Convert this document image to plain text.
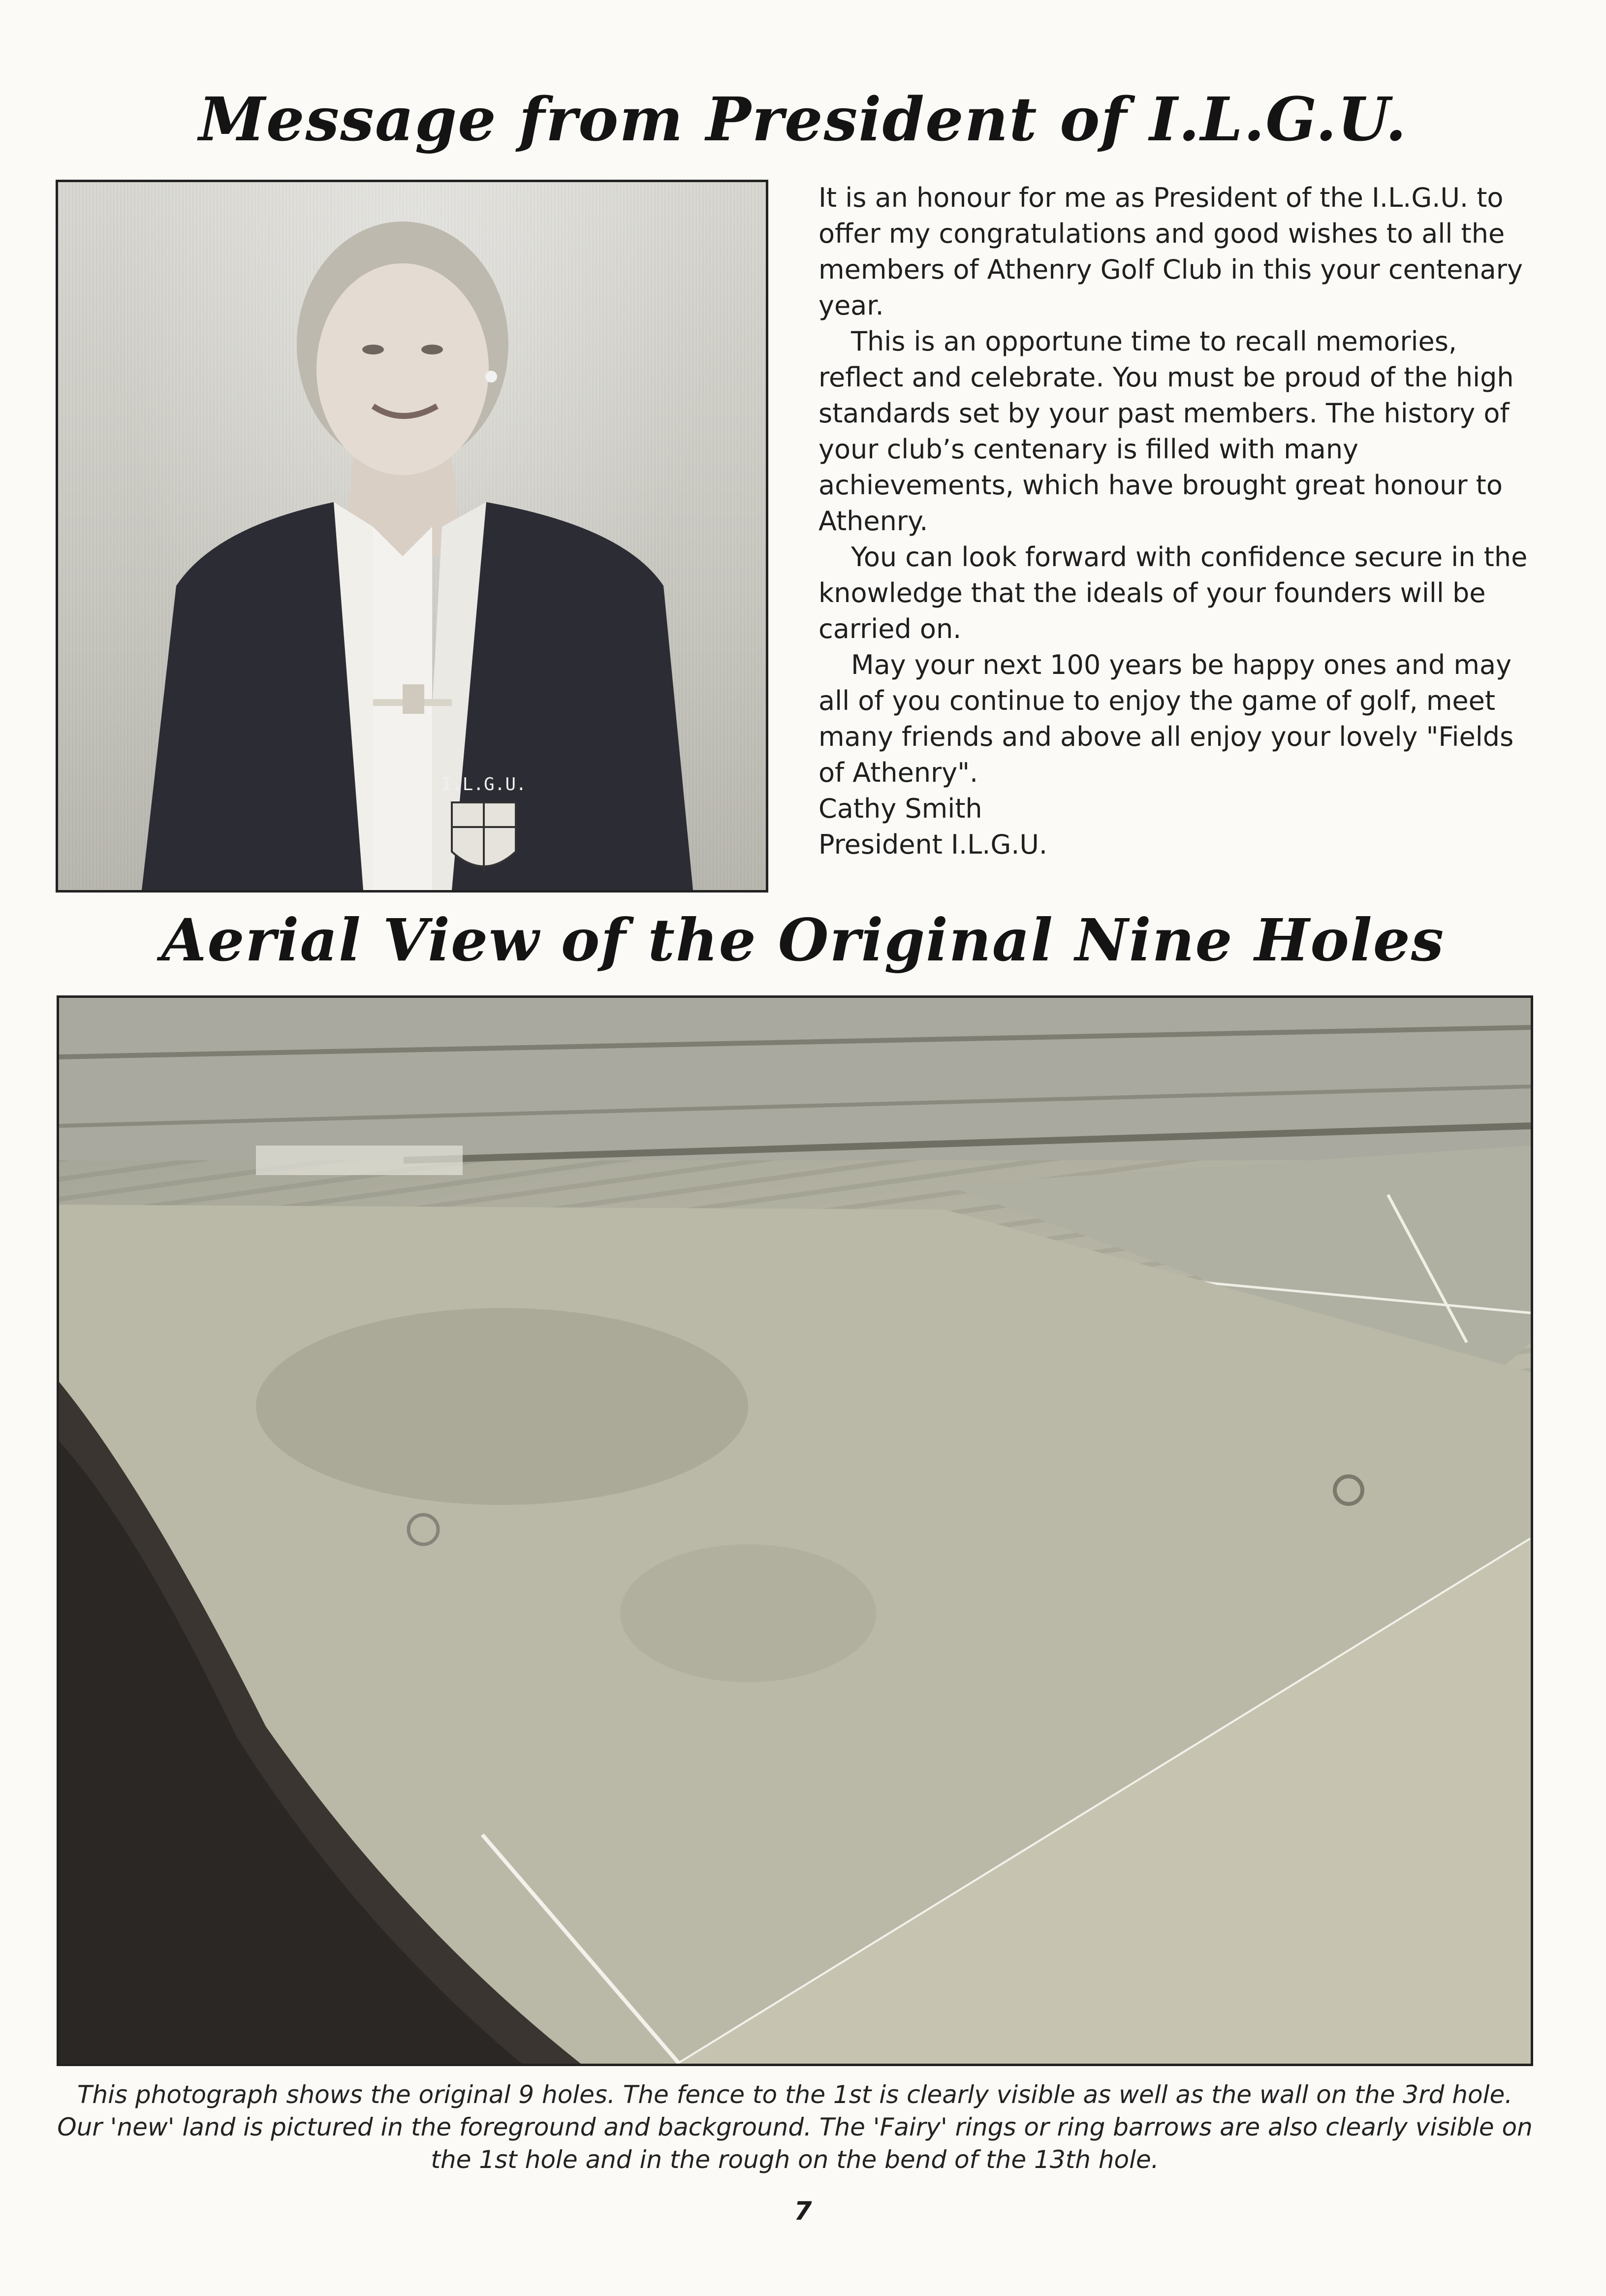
Message from President of I.L.G.U.
I.L.G.U.

It is an honour for me as President of the I.L.G.U. to offer my congratulations and good wishes to all the members of Athenry Golf Club in this your centenary year.

This is an opportune time to recall memories, reflect and celebrate. You must be proud of the high standards set by your past members. The history of your club’s centenary is filled with many achievements, which have brought great honour to Athenry.

You can look forward with confidence secure in the knowledge that the ideals of your founders will be carried on.

May your next 100 years be happy ones and may all of you continue to enjoy the game of golf, meet many friends and above all enjoy your lovely "Fields of Athenry".

Cathy Smith

President I.L.G.U.

Aerial View of the Original Nine Holes
This photograph shows the original 9 holes. The fence to the 1st is clearly visible as well as the wall on the 3rd hole. Our 'new' land is pictured in the foreground and background. The 'Fairy' rings or ring barrows are also clearly visible on the 1st hole and in the rough on the bend of the 13th hole.
7
